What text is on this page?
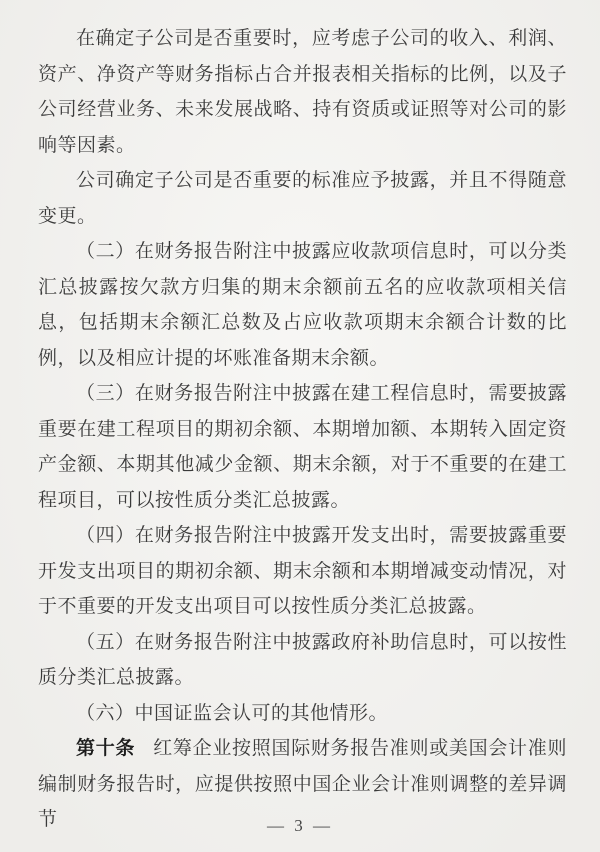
在确定子公司是否重要时，应考虑子公司的收入、利润、资产、净资产等财务指标占合并报表相关指标的比例，以及子公司经营业务、未来发展战略、持有资质或证照等对公司的影响等因素。

公司确定子公司是否重要的标准应予披露，并且不得随意变更。

（二）在财务报告附注中披露应收款项信息时，可以分类汇总披露按欠款方归集的期末余额前五名的应收款项相关信息，包括期末余额汇总数及占应收款项期末余额合计数的比例，以及相应计提的坏账准备期末余额。

（三）在财务报告附注中披露在建工程信息时，需要披露重要在建工程项目的期初余额、本期增加额、本期转入固定资产金额、本期其他减少金额、期末余额，对于不重要的在建工程项目，可以按性质分类汇总披露。

（四）在财务报告附注中披露开发支出时，需要披露重要开发支出项目的期初余额、期末余额和本期增减变动情况，对于不重要的开发支出项目可以按性质分类汇总披露。

（五）在财务报告附注中披露政府补助信息时，可以按性质分类汇总披露。

（六）中国证监会认可的其他情形。

第十条 红筹企业按照国际财务报告准则或美国会计准则编制财务报告时，应提供按照中国企业会计准则调整的差异调节	— 3 —
